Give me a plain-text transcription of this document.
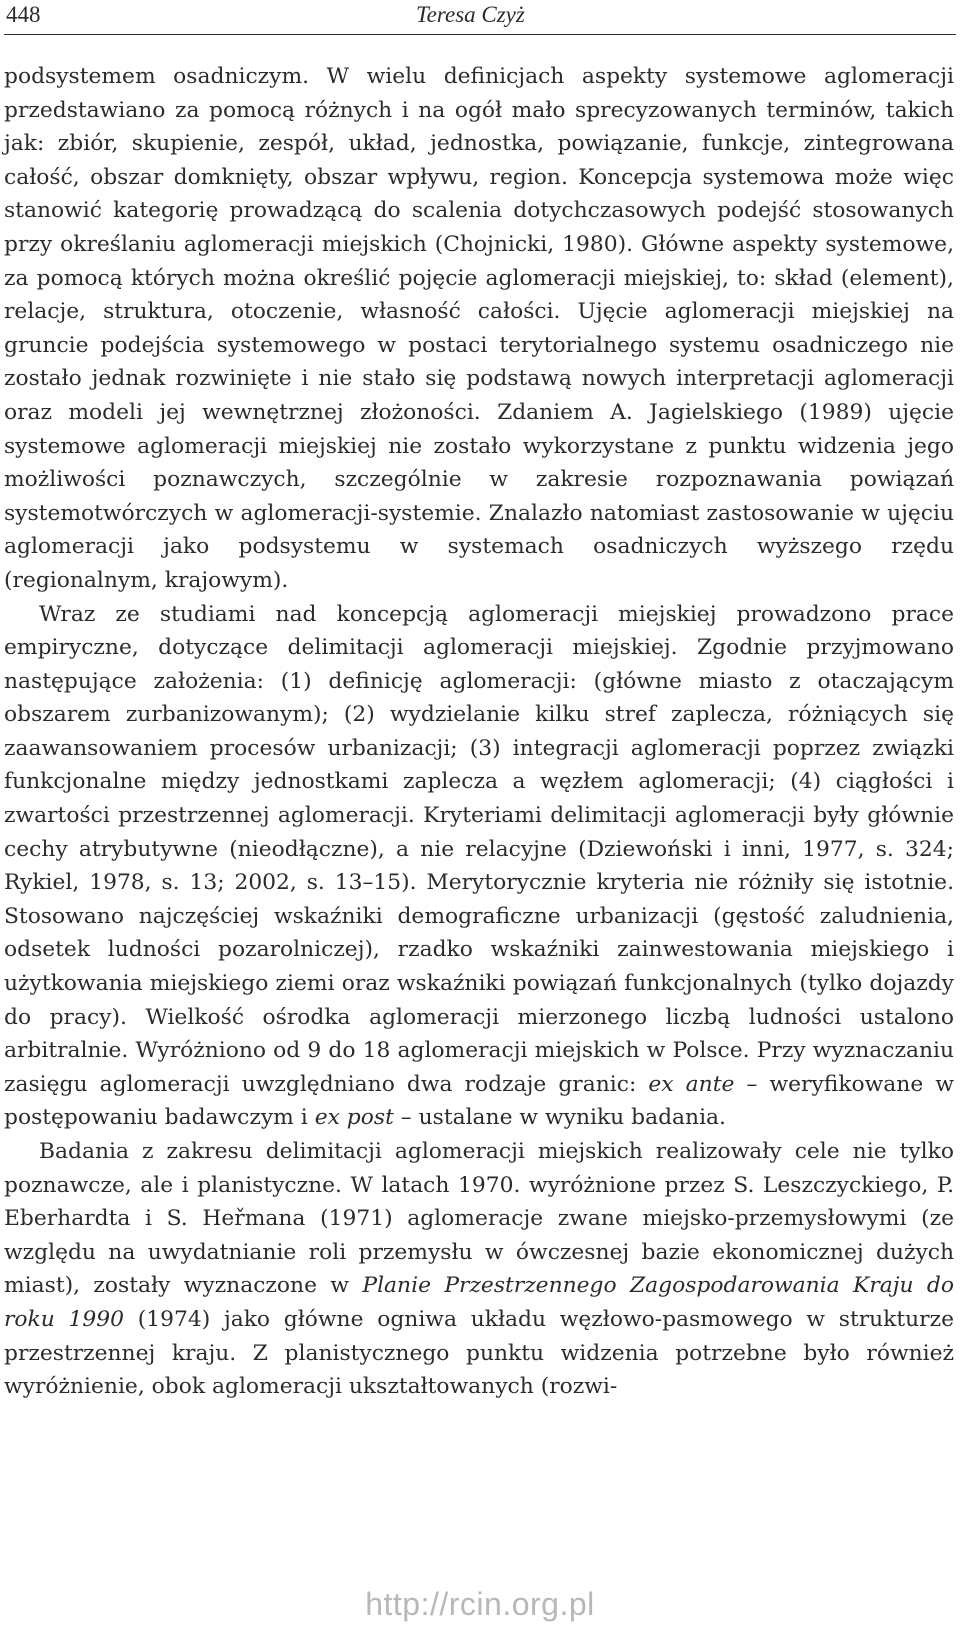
448	Teresa Czyż

podsystemem osadniczym. W wielu definicjach aspekty systemowe aglomeracji przedstawiano za pomocą różnych i na ogół mało sprecyzowanych terminów, takich jak: zbiór, skupienie, zespół, układ, jednostka, powiązanie, funkcje, zintegrowana całość, obszar domknięty, obszar wpływu, region. Koncepcja systemowa może więc stanowić kategorię prowadzącą do scalenia dotychczasowych podejść stosowanych przy określaniu aglomeracji miejskich (Chojnicki, 1980). Główne aspekty systemowe, za pomocą których można określić pojęcie aglomeracji miejskiej, to: skład (element), relacje, struktura, otoczenie, własność całości. Ujęcie aglomeracji miejskiej na gruncie podejścia systemowego w postaci terytorialnego systemu osadniczego nie zostało jednak rozwinięte i nie stało się podstawą nowych interpretacji aglomeracji oraz modeli jej wewnętrznej złożoności. Zdaniem A. Jagielskiego (1989) ujęcie systemowe aglomeracji miejskiej nie zostało wykorzystane z punktu widzenia jego możliwości poznawczych, szczególnie w zakresie rozpoznawania powiązań systemotwórczych w aglomeracji-systemie. Znalazło natomiast zastosowanie w ujęciu aglomeracji jako podsystemu w systemach osadniczych wyższego rzędu (regionalnym, krajowym).

Wraz ze studiami nad koncepcją aglomeracji miejskiej prowadzono prace empiryczne, dotyczące delimitacji aglomeracji miejskiej. Zgodnie przyjmowano następujące założenia: (1) definicję aglomeracji: (główne miasto z otaczającym obszarem zurbanizowanym); (2) wydzielanie kilku stref zaplecza, różniących się zaawansowaniem procesów urbanizacji; (3) integracji aglomeracji poprzez związki funkcjonalne między jednostkami zaplecza a węzłem aglomeracji; (4) ciągłości i zwartości przestrzennej aglomeracji. Kryteriami delimitacji aglomeracji były głównie cechy atrybutywne (nieodłączne), a nie relacyjne (Dziewoński i inni, 1977, s. 324; Rykiel, 1978, s. 13; 2002, s. 13–15). Merytorycznie kryteria nie różniły się istotnie. Stosowano najczęściej wskaźniki demograficzne urbanizacji (gęstość zaludnienia, odsetek ludności pozarolniczej), rzadko wskaźniki zainwestowania miejskiego i użytkowania miejskiego ziemi oraz wskaźniki powiązań funkcjonalnych (tylko dojazdy do pracy). Wielkość ośrodka aglomeracji mierzonego liczbą ludności ustalono arbitralnie. Wyróżniono od 9 do 18 aglomeracji miejskich w Polsce. Przy wyznaczaniu zasięgu aglomeracji uwzględniano dwa rodzaje granic: ex ante – weryfikowane w postępowaniu badawczym i ex post – ustalane w wyniku badania.

Badania z zakresu delimitacji aglomeracji miejskich realizowały cele nie tylko poznawcze, ale i planistyczne. W latach 1970. wyróżnione przez S. Leszczyckiego, P. Eberhardta i S. Heřmana (1971) aglomeracje zwane miejsko-przemysłowymi (ze względu na uwydatnianie roli przemysłu w ówczesnej bazie ekonomicznej dużych miast), zostały wyznaczone w Planie Przestrzennego Zagospodarowania Kraju do roku 1990 (1974) jako główne ogniwa układu węzłowo-pasmowego w strukturze przestrzennej kraju. Z planistycznego punktu widzenia potrzebne było również wyróżnienie, obok aglomeracji ukształtowanych (rozwi-

http://rcin.org.pl
